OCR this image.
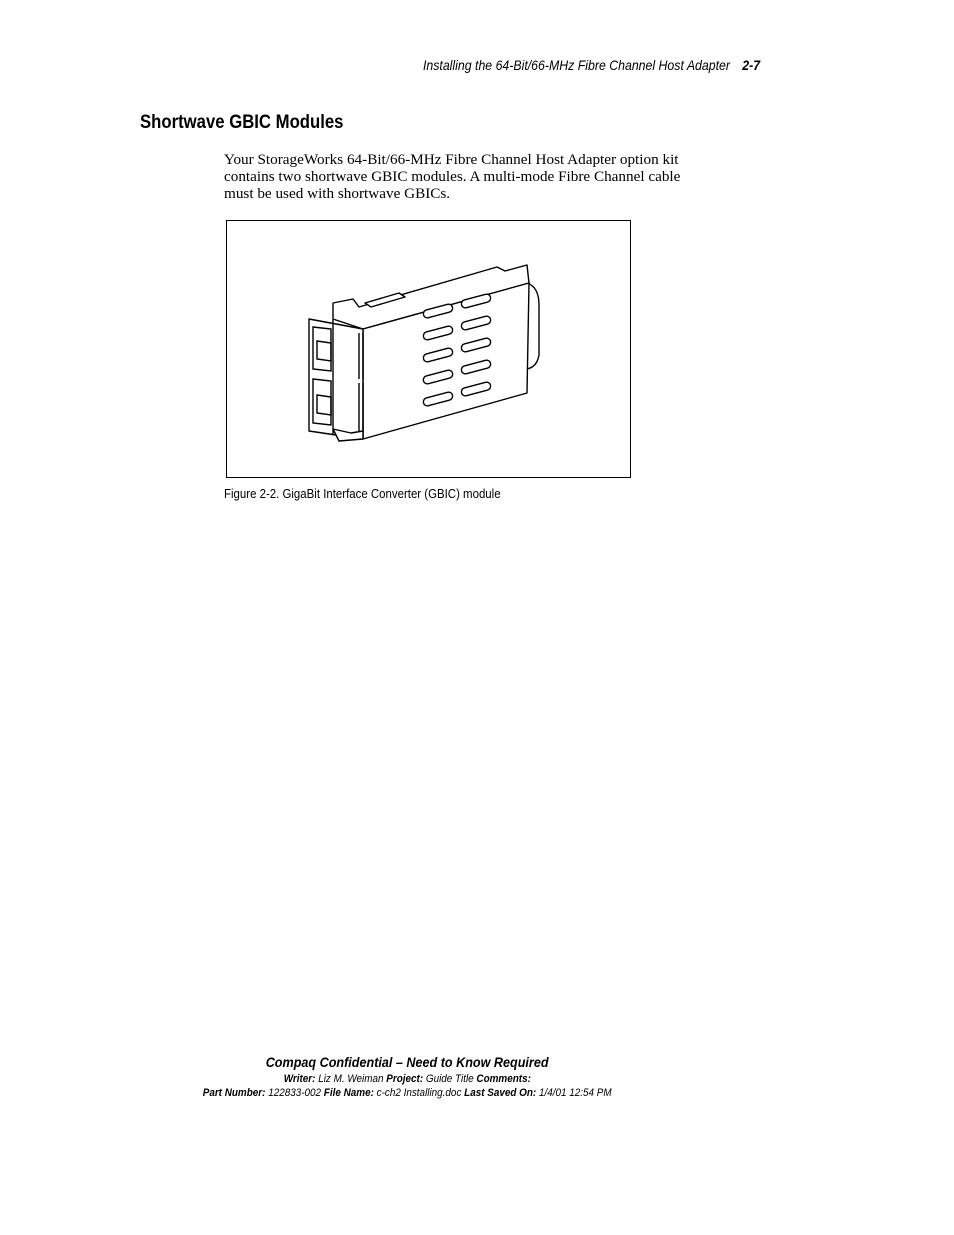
Installing the 64-Bit/66-MHz Fibre Channel Host Adapter 2-7
Shortwave GBIC Modules

Your StorageWorks 64-Bit/66-MHz Fibre Channel Host Adapter option kit contains two shortwave GBIC modules. A multi-mode Fibre Channel cable must be used with shortwave GBICs.

Figure 2-2. GigaBit Interface Converter (GBIC) module
Compaq Confidential – Need to Know Required
Writer: Liz M. Weiman Project: Guide Title Comments:
Part Number: 122833-002 File Name: c-ch2 Installing.doc Last Saved On: 1/4/01 12:54 PM
